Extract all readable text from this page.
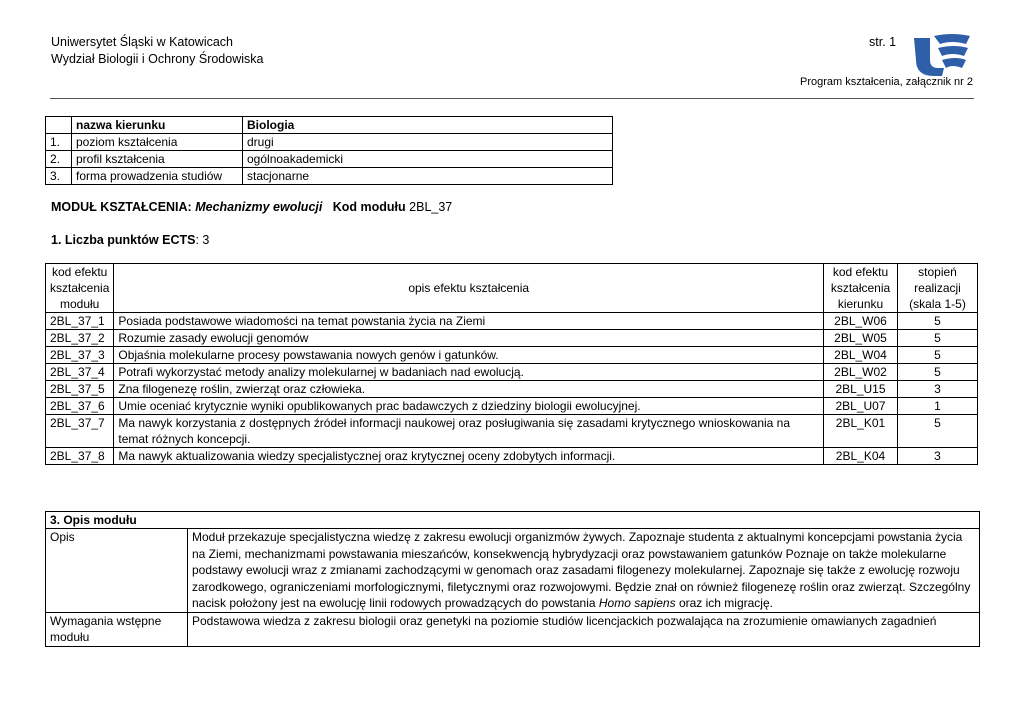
Uniwersytet Śląski w Katowicach
Wydział Biologii i Ochrony Środowiska
str. 1
Program kształcenia, załącznik nr 2
	nazwa kierunku	Biologia
1.	poziom kształcenia	drugi
2.	profil kształcenia	ogólnoakademicki
3.	forma prowadzenia studiów	stacjonarne
MODUŁ KSZTAŁCENIA: Mechanizmy ewolucji Kod modułu 2BL_37
1. Liczba punktów ECTS: 3
kod efektu kształcenia modułu	opis efektu kształcenia	kod efektu kształcenia kierunku	stopień realizacji (skala 1-5)
2BL_37_1	Posiada podstawowe wiadomości na temat powstania życia na Ziemi	2BL_W06	5
2BL_37_2	Rozumie zasady ewolucji genomów	2BL_W05	5
2BL_37_3	Objaśnia molekularne procesy powstawania nowych genów i gatunków.	2BL_W04	5
2BL_37_4	Potrafi wykorzystać metody analizy molekularnej w badaniach nad ewolucją.	2BL_W02	5
2BL_37_5	Zna filogenezę roślin, zwierząt oraz człowieka.	2BL_U15	3
2BL_37_6	Umie oceniać krytycznie wyniki opublikowanych prac badawczych z dziedziny biologii ewolucyjnej.	2BL_U07	1
2BL_37_7	Ma nawyk korzystania z dostępnych źródeł informacji naukowej oraz posługiwania się zasadami krytycznego wnioskowania na temat różnych koncepcji.	2BL_K01	5
2BL_37_8	Ma nawyk aktualizowania wiedzy specjalistycznej oraz krytycznej oceny zdobytych informacji.	2BL_K04	3
3. Opis modułu	
Opis	Moduł przekazuje specjalistyczna wiedzę z zakresu ewolucji organizmów żywych. Zapoznaje studenta z aktualnymi koncepcjami powstania życia na Ziemi, mechanizmami powstawania mieszańców, konsekwencją hybrydyzacji oraz powstawaniem gatunków Poznaje on także molekularne podstawy ewolucji wraz z zmianami zachodzącymi w genomach oraz zasadami filogenezy molekularnej. Zapoznaje się także z ewolucję rozwoju zarodkowego, ograniczeniami morfologicznymi, filetycznymi oraz rozwojowymi. Będzie znał on również filogenezę roślin oraz zwierząt. Szczególny nacisk położony jest na ewolucję linii rodowych prowadzących do powstania Homo sapiens oraz ich migrację.
Wymagania wstępne modułu	Podstawowa wiedza z zakresu biologii oraz genetyki na poziomie studiów licencjackich pozwalająca na zrozumienie omawianych zagadnień
